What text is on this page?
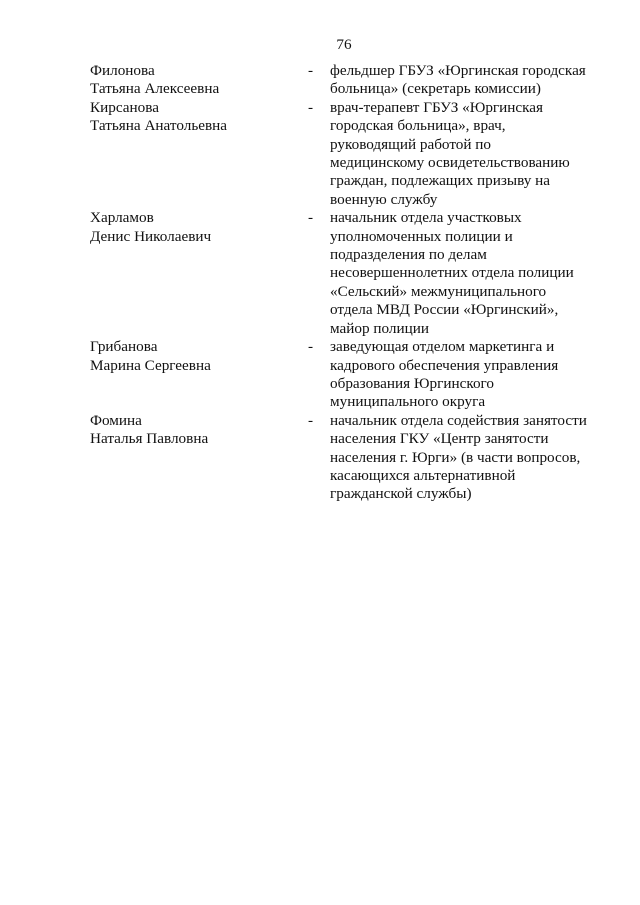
76
Филонова
Татьяна Алексеевна
-	фельдшер ГБУЗ «Юргинская городская
больница» (секретарь комиссии)
Кирсанова
Татьяна Анатольевна
-	врач-терапевт ГБУЗ «Юргинская
городская больница», врач,
руководящий работой по
медицинскому освидетельствованию
граждан, подлежащих призыву на
военную службу
Харламов
Денис Николаевич
-	начальник отдела участковых
уполномоченных полиции и
подразделения по делам
несовершеннолетних отдела полиции
«Сельский» межмуниципального
отдела МВД России «Юргинский»,
майор полиции
Грибанова
Марина Сергеевна
-	заведующая отделом маркетинга и
кадрового обеспечения управления
образования Юргинского
муниципального округа
Фомина
Наталья Павловна
-	начальник отдела содействия занятости
населения ГКУ «Центр занятости
населения г. Юрги» (в части вопросов,
касающихся альтернативной
гражданской службы)
